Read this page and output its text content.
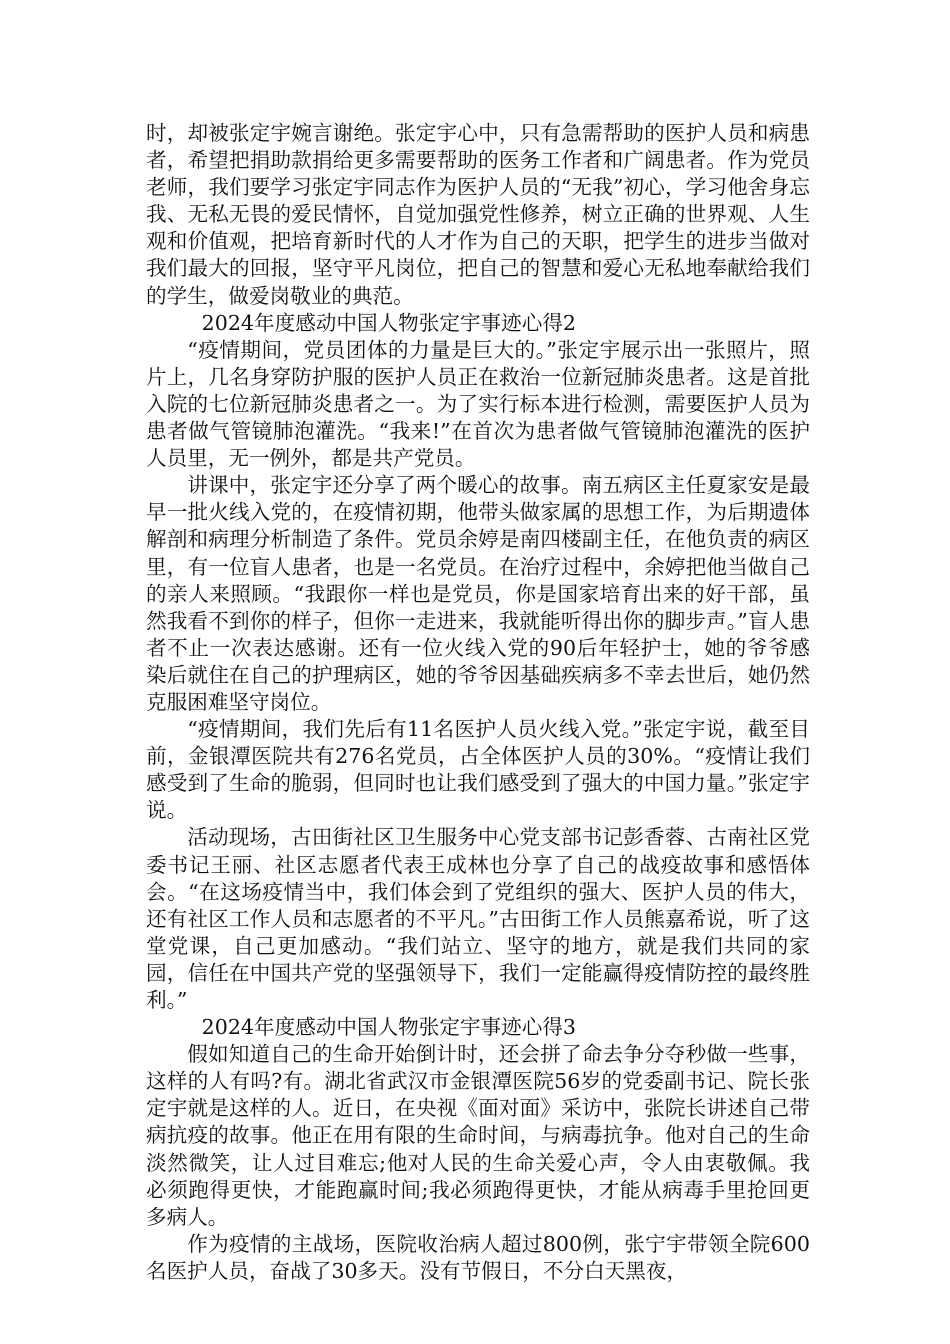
时，却被张定宇婉言谢绝。张定宇心中，只有急需帮助的医护人员和病患者，希望把捐助款捐给更多需要帮助的医务工作者和广阔患者。作为党员老师，我们要学习张定宇同志作为医护人员的“无我”初心，学习他舍身忘我、无私无畏的爱民情怀，自觉加强党性修养，树立正确的世界观、人生观和价值观，把培育新时代的人才作为自己的天职，把学生的进步当做对我们最大的回报，坚守平凡岗位，把自己的智慧和爱心无私地奉献给我们的学生，做爱岗敬业的典范。

2024年度感动中国人物张定宇事迹心得2

“疫情期间，党员团体的力量是巨大的。”张定宇展示出一张照片，照片上，几名身穿防护服的医护人员正在救治一位新冠肺炎患者。这是首批入院的七位新冠肺炎患者之一。为了实行标本进行检测，需要医护人员为患者做气管镜肺泡灌洗。“我来!”在首次为患者做气管镜肺泡灌洗的医护人员里，无一例外，都是共产党员。

讲课中，张定宇还分享了两个暖心的故事。南五病区主任夏家安是最早一批火线入党的，在疫情初期，他带头做家属的思想工作，为后期遗体解剖和病理分析制造了条件。党员余婷是南四楼副主任，在他负责的病区里，有一位盲人患者，也是一名党员。在治疗过程中，余婷把他当做自己的亲人来照顾。“我跟你一样也是党员，你是国家培育出来的好干部，虽然我看不到你的样子，但你一走进来，我就能听得出你的脚步声。”盲人患者不止一次表达感谢。还有一位火线入党的90后年轻护士，她的爷爷感染后就住在自己的护理病区，她的爷爷因基础疾病多不幸去世后，她仍然克服困难坚守岗位。

“疫情期间，我们先后有11名医护人员火线入党。”张定宇说，截至目前，金银潭医院共有276名党员，占全体医护人员的30%。“疫情让我们感受到了生命的脆弱，但同时也让我们感受到了强大的中国力量。”张定宇说。

活动现场，古田街社区卫生服务中心党支部书记彭香蓉、古南社区党委书记王丽、社区志愿者代表王成林也分享了自己的战疫故事和感悟体会。“在这场疫情当中，我们体会到了党组织的强大、医护人员的伟大，还有社区工作人员和志愿者的不平凡。”古田街工作人员熊嘉希说，听了这堂党课，自己更加感动。“我们站立、坚守的地方，就是我们共同的家园，信任在中国共产党的坚强领导下，我们一定能赢得疫情防控的最终胜利。”

2024年度感动中国人物张定宇事迹心得3

假如知道自己的生命开始倒计时，还会拼了命去争分夺秒做一些事，这样的人有吗?有。湖北省武汉市金银潭医院56岁的党委副书记、院长张定宇就是这样的人。近日，在央视《面对面》采访中，张院长讲述自己带病抗疫的故事。他正在用有限的生命时间，与病毒抗争。他对自己的生命淡然微笑，让人过目难忘;他对人民的生命关爱心声，令人由衷敬佩。我必须跑得更快，才能跑赢时间;我必须跑得更快，才能从病毒手里抢回更多病人。

作为疫情的主战场，医院收治病人超过800例，张宁宇带领全院600名医护人员，奋战了30多天。没有节假日，不分白天黑夜，
